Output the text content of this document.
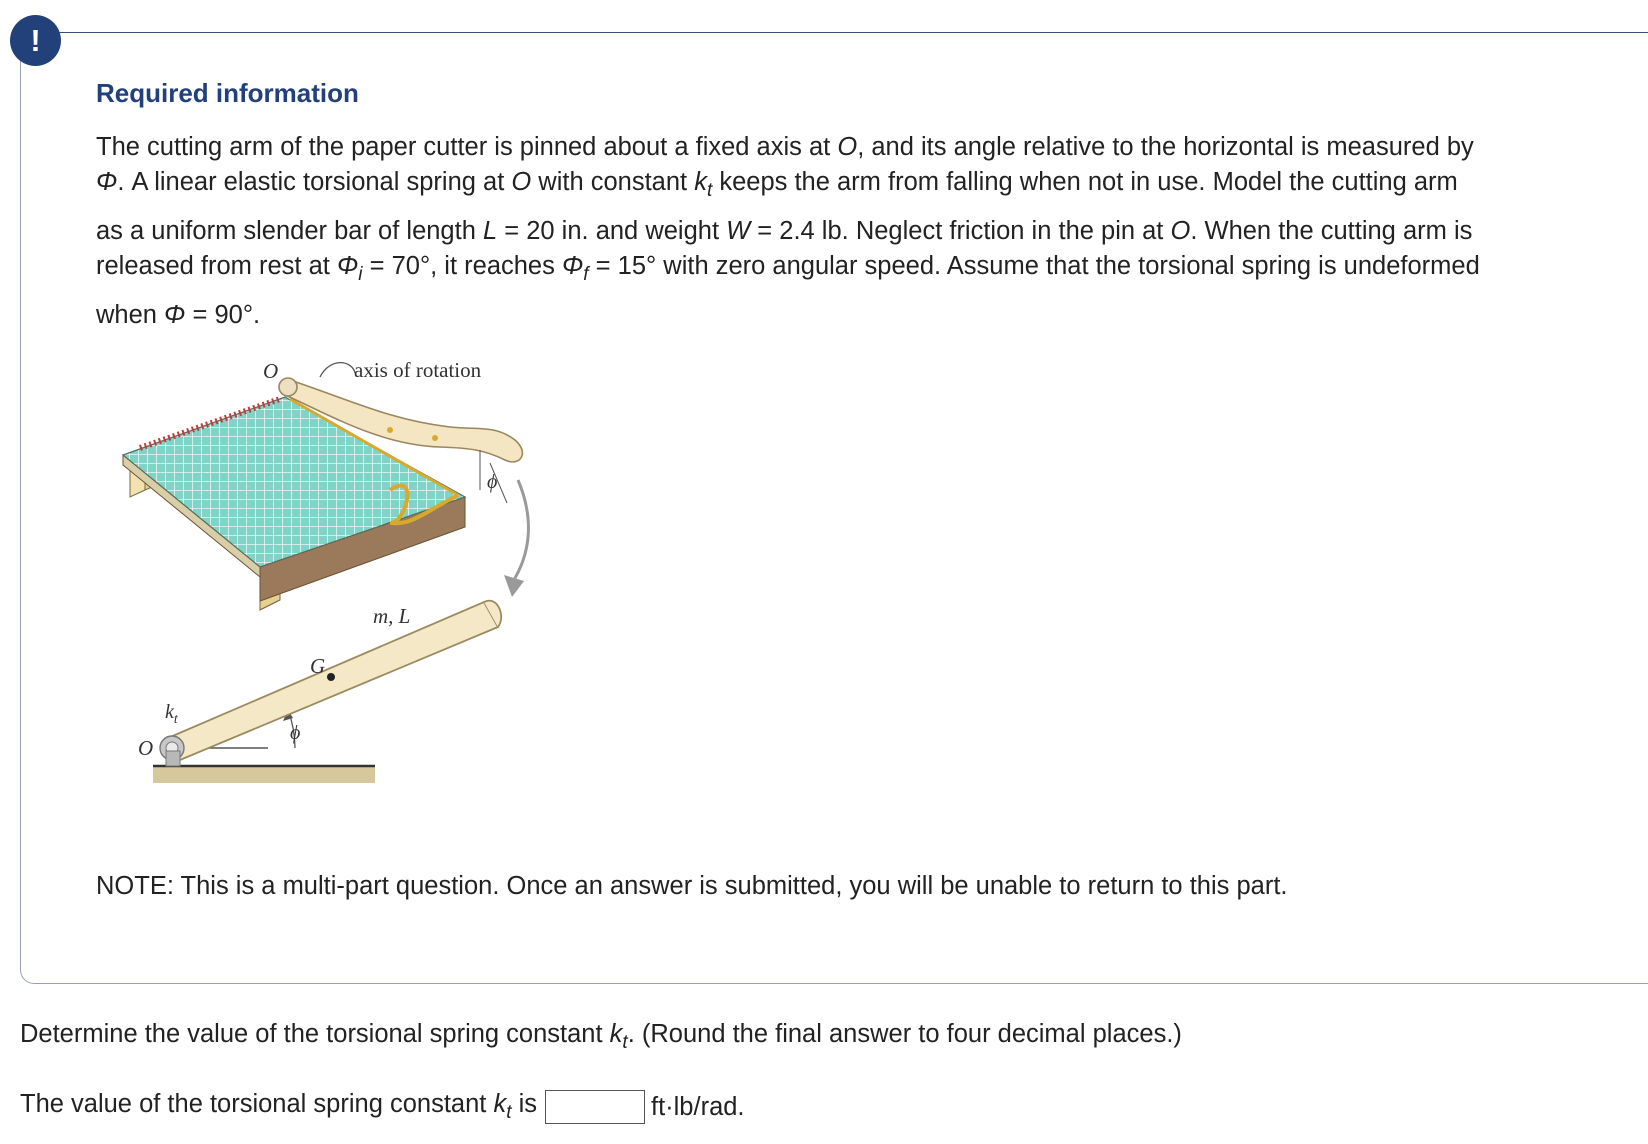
!
Required information
The cutting arm of the paper cutter is pinned about a fixed axis at O, and its angle relative to the horizontal is measured by
Φ. A linear elastic torsional spring at O with constant $k_t$ keeps the arm from falling when not in use. Model the cutting arm
as a uniform slender bar of length L = 20 in. and weight W = 2.4 lb. Neglect friction in the pin at O. When the cutting arm is
released from rest at $\Phi_i = 70^\circ$, it reaches $\Phi_f = 15^\circ$ with zero angular speed. Assume that the torsional spring is undeformed
when Φ = 90°.
O	axis of rotation
ϕ
m, L
G
$k_t$
O
ϕ

NOTE: This is a multi-part question. Once an answer is submitted, you will be unable to return to this part.

Determine the value of the torsional spring constant $k_t$. (Round the final answer to four decimal places.)

The value of the torsional spring constant $k_t$ is	ft·lb/rad.
